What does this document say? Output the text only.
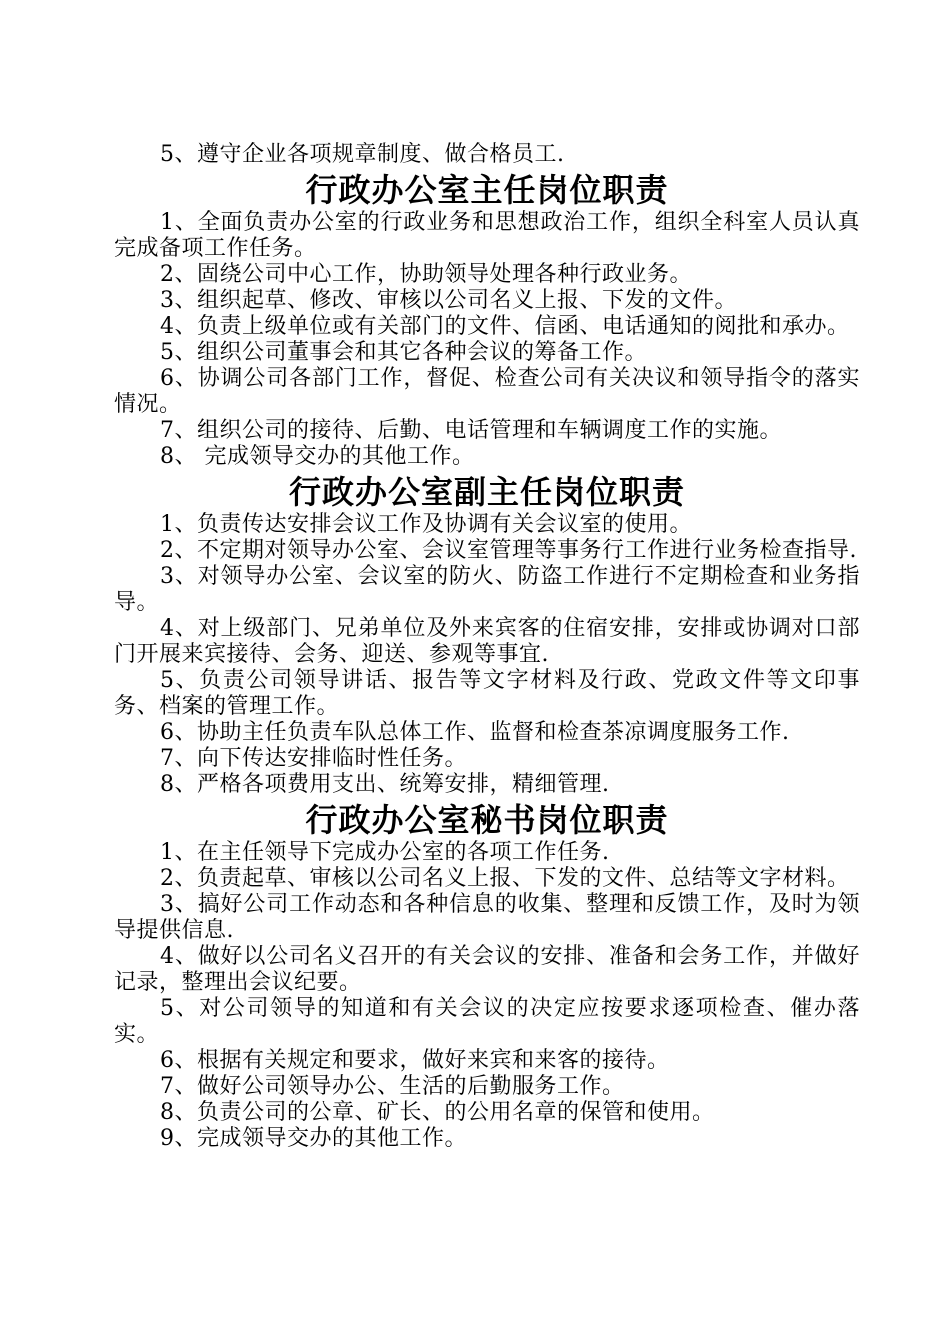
5、遵守企业各项规章制度、做合格员工.

行政办公室主任岗位职责

1、全面负责办公室的行政业务和思想政治工作，组织全科室人员认真完成备项工作任务。

2、固绕公司中心工作，协助领导处理各种行政业务。

3、组织起草、修改、审核以公司名义上报、下发的文件。

4、负责上级单位或有关部门的文件、信函、电话通知的阅批和承办。

5、组织公司董事会和其它各种会议的筹备工作。

6、协调公司各部门工作，督促、检查公司有关决议和领导指令的落实情况。

7、组织公司的接待、后勤、电话管理和车辆调度工作的实施。

8、 完成领导交办的其他工作。

行政办公室副主任岗位职责

1、负责传达安排会议工作及协调有关会议室的使用。

2、不定期对领导办公室、会议室管理等事务行工作进行业务检查指导.

3、对领导办公室、会议室的防火、防盗工作进行不定期检查和业务指导。

4、对上级部门、兄弟单位及外来宾客的住宿安排，安排或协调对口部门开展来宾接待、会务、迎送、参观等事宜.

5、负责公司领导讲话、报告等文字材料及行政、党政文件等文印事务、档案的管理工作。

6、协助主任负责车队总体工作、监督和检查茶凉调度服务工作.

7、向下传达安排临时性任务。

8、严格各项费用支出、统筹安排，精细管理.

行政办公室秘书岗位职责

1、在主任领导下完成办公室的各项工作任务.

2、负责起草、审核以公司名义上报、下发的文件、总结等文字材料。

3、搞好公司工作动态和各种信息的收集、整理和反馈工作，及时为领导提供信息.

4、做好以公司名义召开的有关会议的安排、准备和会务工作，并做好记录，整理出会议纪要。

5、对公司领导的知道和有关会议的决定应按要求逐项检查、催办落实。

6、根据有关规定和要求，做好来宾和来客的接待。

7、做好公司领导办公、生活的后勤服务工作。

8、负责公司的公章、矿长、的公用名章的保管和使用。

9、完成领导交办的其他工作。
